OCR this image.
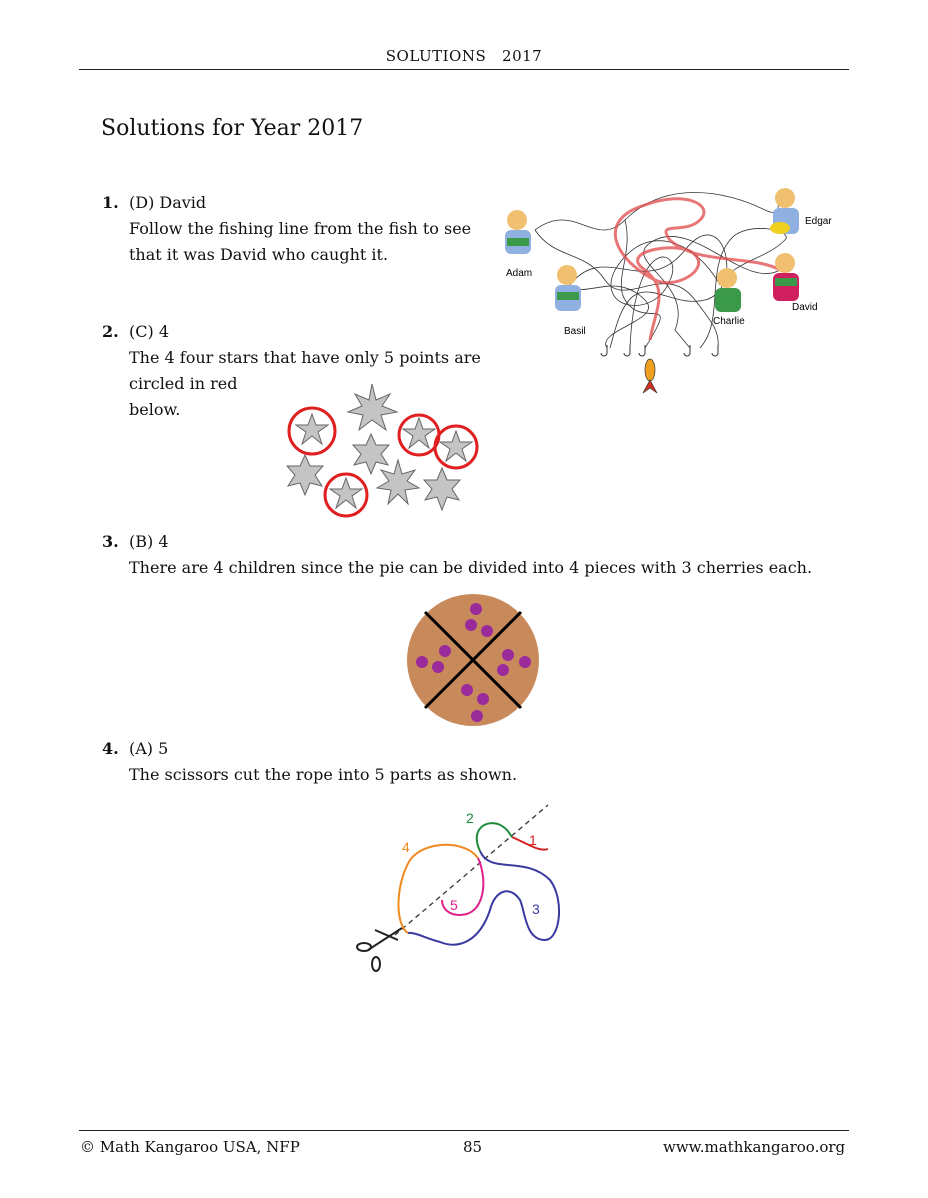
SOLUTIONS 2017
Solutions for Year 2017
1. (D) David
Follow the fishing line from the fish to see
that it was David who caught it.
Adam
Basil
Charlie
David
Edgar
2. (C) 4
The 4 four stars that have only 5 points are
circled in red
below.
3. (B) 4
There are 4 children since the pie can be divided into 4 pieces with 3 cherries each.
4. (A) 5
The scissors cut the rope into 5 parts as shown.
1
2
3
4
5
© Math Kangaroo USA, NFP	85	www.mathkangaroo.org
